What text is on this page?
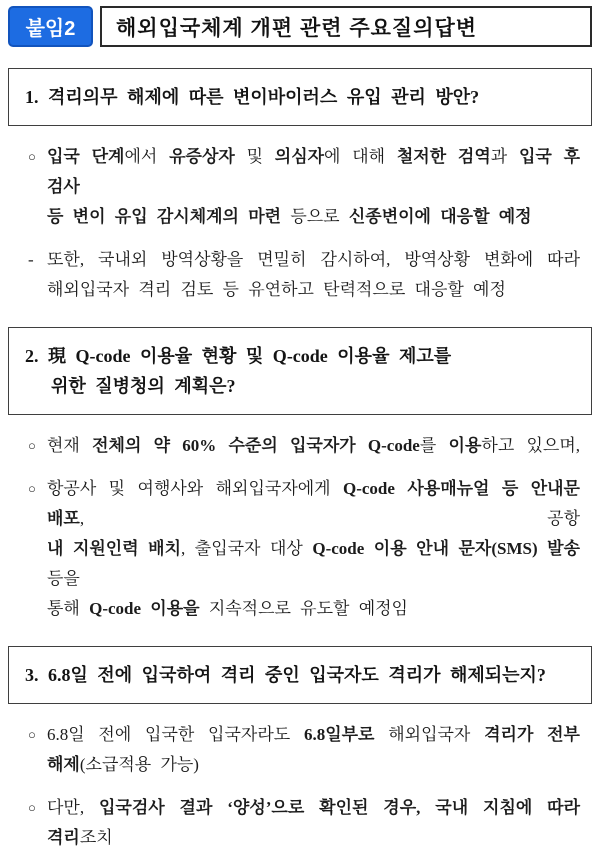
붙임2 해외입국체계 개편 관련 주요질의답변
1. 격리의무 해제에 따른 변이바이러스 유입 관리 방안?
○ 입국 단계에서 유증상자 및 의심자에 대해 철저한 검역과 입국 후 검사
등 변이 유입 감시체계의 마련 등으로 신종변이에 대응할 예정
- 또한, 국내외 방역상황을 면밀히 감시하여, 방역상황 변화에 따라
해외입국자 격리 검토 등 유연하고 탄력적으로 대응할 예정
2. 現 Q-code 이용율 현황 및 Q-code 이용율 제고를
위한 질병청의 계획은?
○ 현재 전체의 약 60% 수준의 입국자가 Q-code를 이용하고 있으며,
○ 항공사 및 여행사와 해외입국자에게 Q-code 사용매뉴얼 등 안내문 배포, 공항
내 지원인력 배치, 출입국자 대상 Q-code 이용 안내 문자(SMS) 발송 등을
통해 Q-code 이용을 지속적으로 유도할 예정임
3. 6.8일 전에 입국하여 격리 중인 입국자도 격리가 해제되는지?
○ 6.8일 전에 입국한 입국자라도 6.8일부로 해외입국자 격리가 전부
해제(소급적용 가능)
○ 다만, 입국검사 결과 ‘양성’으로 확인된 경우, 국내 지침에 따라
격리조치
